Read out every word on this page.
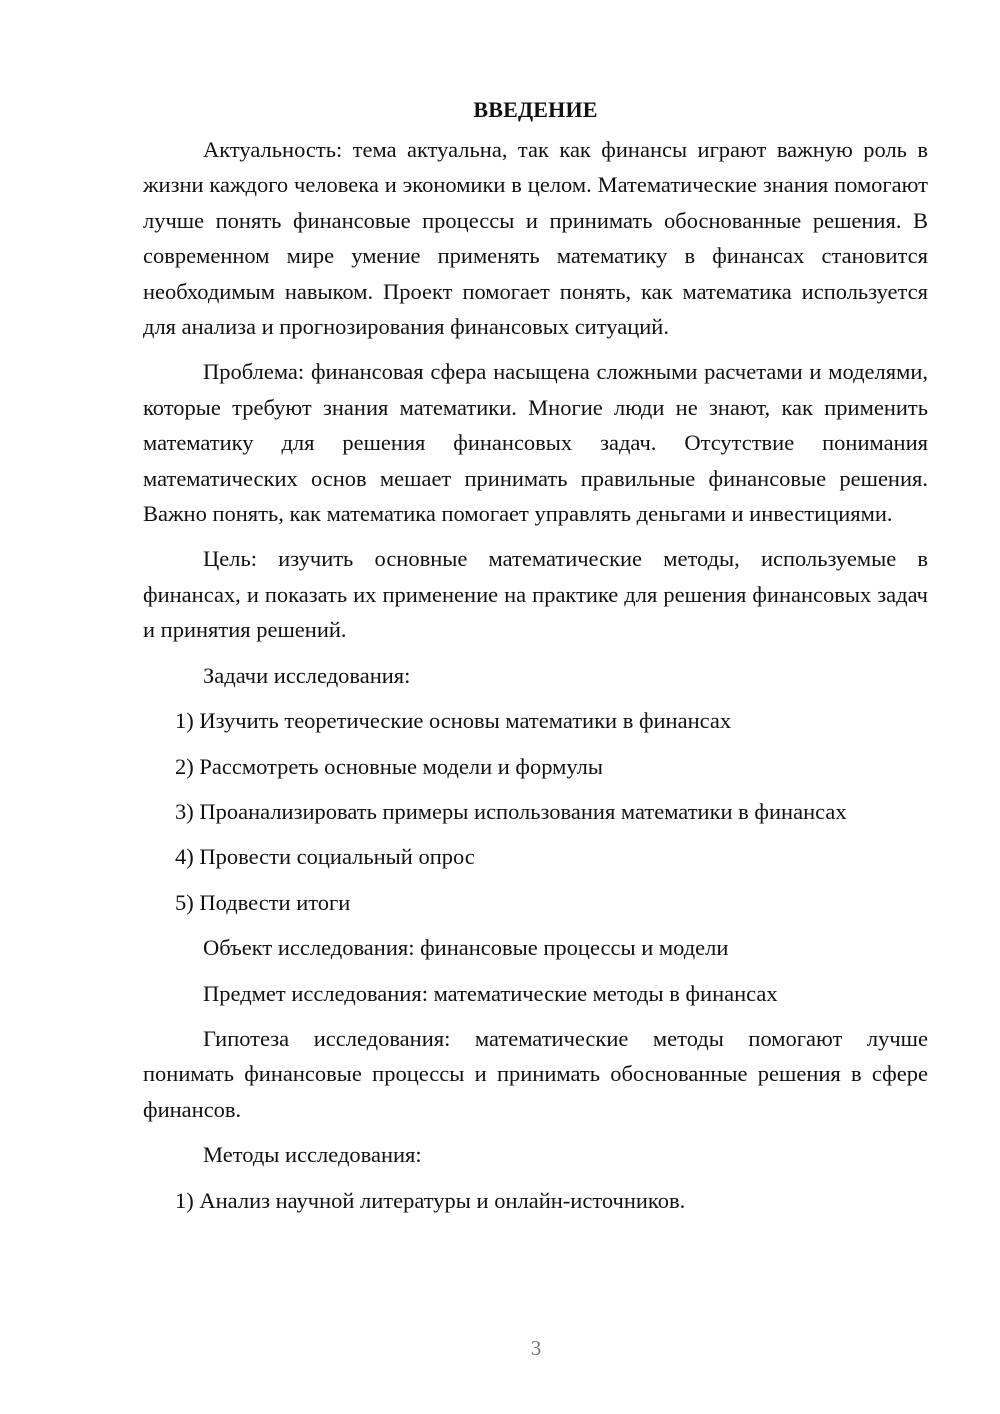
ВВЕДЕНИЕ

Актуальность: тема актуальна, так как финансы играют важную роль в жизни каждого человека и экономики в целом. Математические знания помогают лучше понять финансовые процессы и принимать обоснованные решения. В современном мире умение применять математику в финансах становится необходимым навыком. Проект помогает понять, как математика используется для анализа и прогнозирования финансовых ситуаций.

Проблема: финансовая сфера насыщена сложными расчетами и моделями, которые требуют знания математики. Многие люди не знают, как применить математику для решения финансовых задач. Отсутствие понимания математических основ мешает принимать правильные финансовые решения. Важно понять, как математика помогает управлять деньгами и инвестициями.

Цель: изучить основные математические методы, используемые в финансах, и показать их применение на практике для решения финансовых задач и принятия решений.

Задачи исследования:
1) Изучить теоретические основы математики в финансах
2) Рассмотреть основные модели и формулы
3) Проанализировать примеры использования математики в финансах
4) Провести социальный опрос
5) Подвести итоги
Объект исследования: финансовые процессы и модели
Предмет исследования: математические методы в финансах

Гипотеза исследования: математические методы помогают лучше понимать финансовые процессы и принимать обоснованные решения в сфере финансов.

Методы исследования:
1) Анализ научной литературы и онлайн-источников.
3
